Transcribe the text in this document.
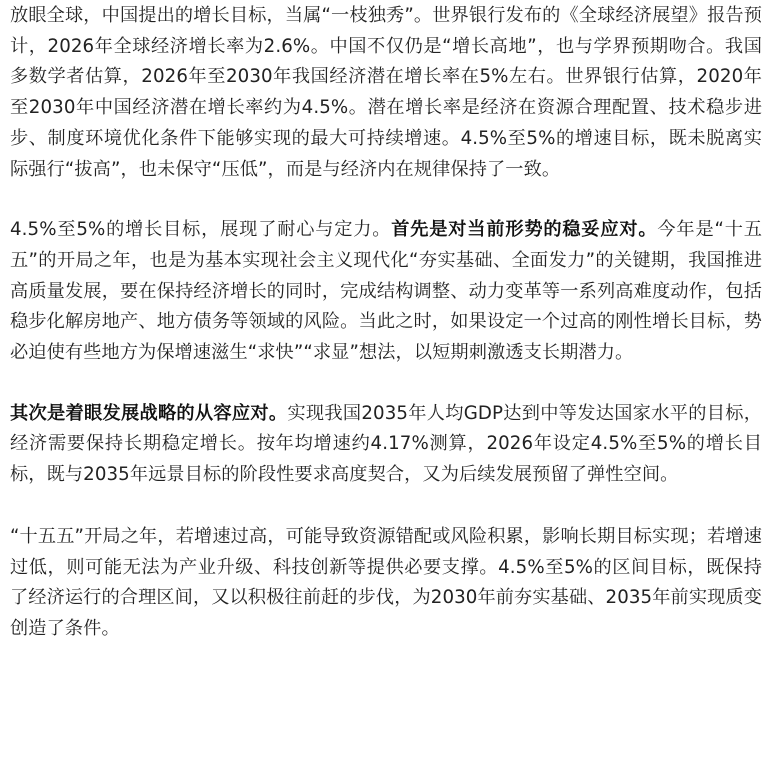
放眼全球，中国提出的增长目标，当属“一枝独秀”。世界银行发布的《全球经济展望》报告预计，2026年全球经济增长率为2.6%。中国不仅仍是“增长高地”，也与学界预期吻合。我国多数学者估算，2026年至2030年我国经济潜在增长率在5%左右。世界银行估算，2020年至2030年中国经济潜在增长率约为4.5%。潜在增长率是经济在资源合理配置、技术稳步进步、制度环境优化条件下能够实现的最大可持续增速。4.5%至5%的增速目标，既未脱离实际强行“拔高”，也未保守“压低”，而是与经济内在规律保持了一致。

4.5%至5%的增长目标，展现了耐心与定力。首先是对当前形势的稳妥应对。今年是“十五五”的开局之年，也是为基本实现社会主义现代化“夯实基础、全面发力”的关键期，我国推进高质量发展，要在保持经济增长的同时，完成结构调整、动力变革等一系列高难度动作，包括稳步化解房地产、地方债务等领域的风险。当此之时，如果设定一个过高的刚性增长目标，势必迫使有些地方为保增速滋生“求快”“求显”想法，以短期刺激透支长期潜力。

其次是着眼发展战略的从容应对。实现我国2035年人均GDP达到中等发达国家水平的目标，经济需要保持长期稳定增长。按年均增速约4.17%测算，2026年设定4.5%至5%的增长目标，既与2035年远景目标的阶段性要求高度契合，又为后续发展预留了弹性空间。

“十五五”开局之年，若增速过高，可能导致资源错配或风险积累，影响长期目标实现；若增速过低，则可能无法为产业升级、科技创新等提供必要支撑。4.5%至5%的区间目标，既保持了经济运行的合理区间，又以积极往前赶的步伐，为2030年前夯实基础、2035年前实现质变创造了条件。
